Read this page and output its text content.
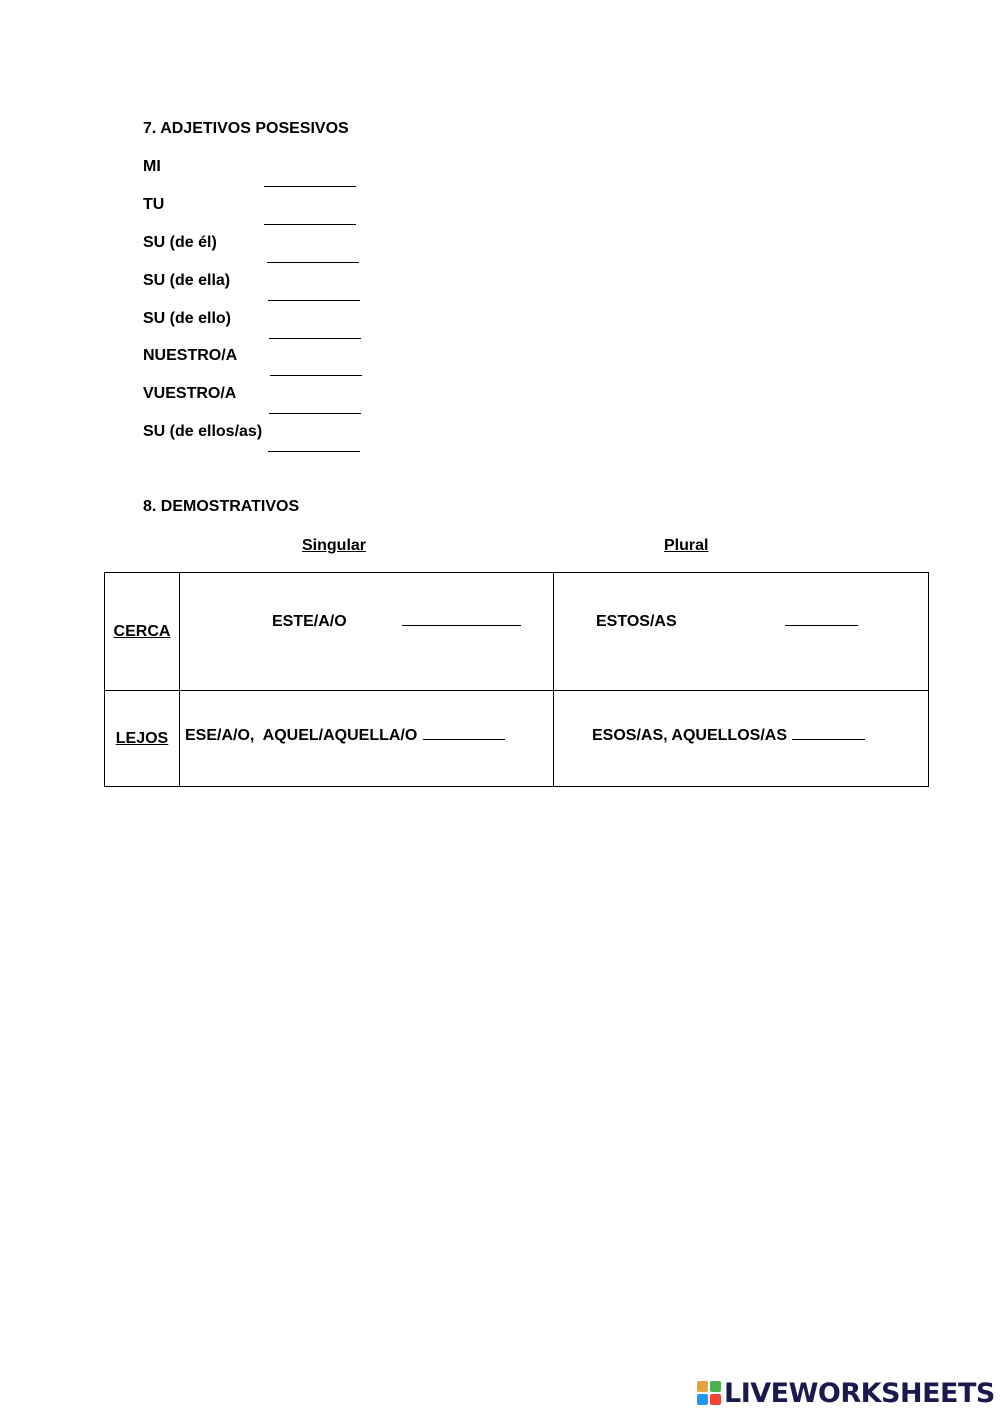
7. ADJETIVOS POSESIVOS
MI
TU
SU (de él)
SU (de ella)
SU (de ello)
NUESTRO/A
VUESTRO/A
SU (de ellos/as)
8. DEMOSTRATIVOS
Singular	Plural
CERCA	ESTE/A/O	ESTOS/AS

LEJOS	ESE/A/O,  AQUEL/AQUELLA/O	ESOS/AS, AQUELLOS/AS
LIVEWORKSHEETS
